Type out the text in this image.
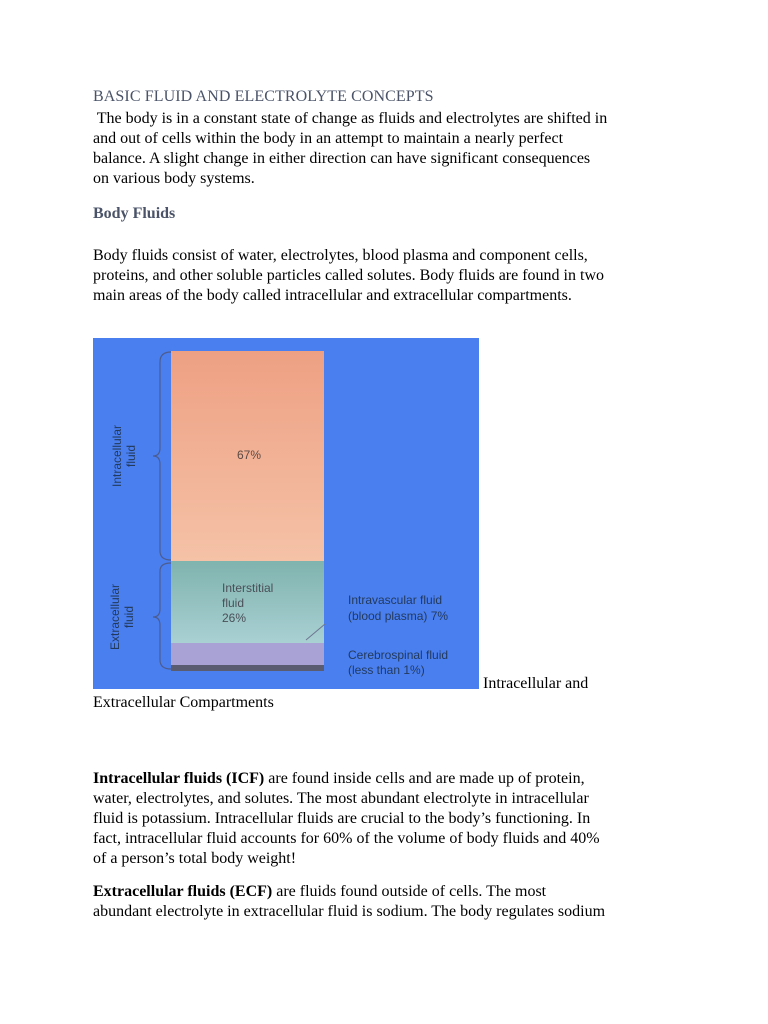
BASIC FLUID AND ELECTROLYTE CONCEPTS
The body is in a constant state of change as fluids and electrolytes are shifted in
and out of cells within the body in an attempt to maintain a nearly perfect
balance. A slight change in either direction can have significant consequences
on various body systems.
Body Fluids
Body fluids consist of water, electrolytes, blood plasma and component cells,
proteins, and other soluble particles called solutes. Body fluids are found in two
main areas of the body called intracellular and extracellular compartments.
Intracellular fluid
Extracellular fluid
67%
Interstitial
fluid
26%
Intravascular fluid
(blood plasma) 7%
Cerebrospinal fluid
(less than 1%)
Intracellular and
Extracellular Compartments
Intracellular fluids (ICF) are found inside cells and are made up of protein,
water, electrolytes, and solutes. The most abundant electrolyte in intracellular
fluid is potassium. Intracellular fluids are crucial to the body’s functioning. In
fact, intracellular fluid accounts for 60% of the volume of body fluids and 40%
of a person’s total body weight!
Extracellular fluids (ECF) are fluids found outside of cells. The most
abundant electrolyte in extracellular fluid is sodium. The body regulates sodium
